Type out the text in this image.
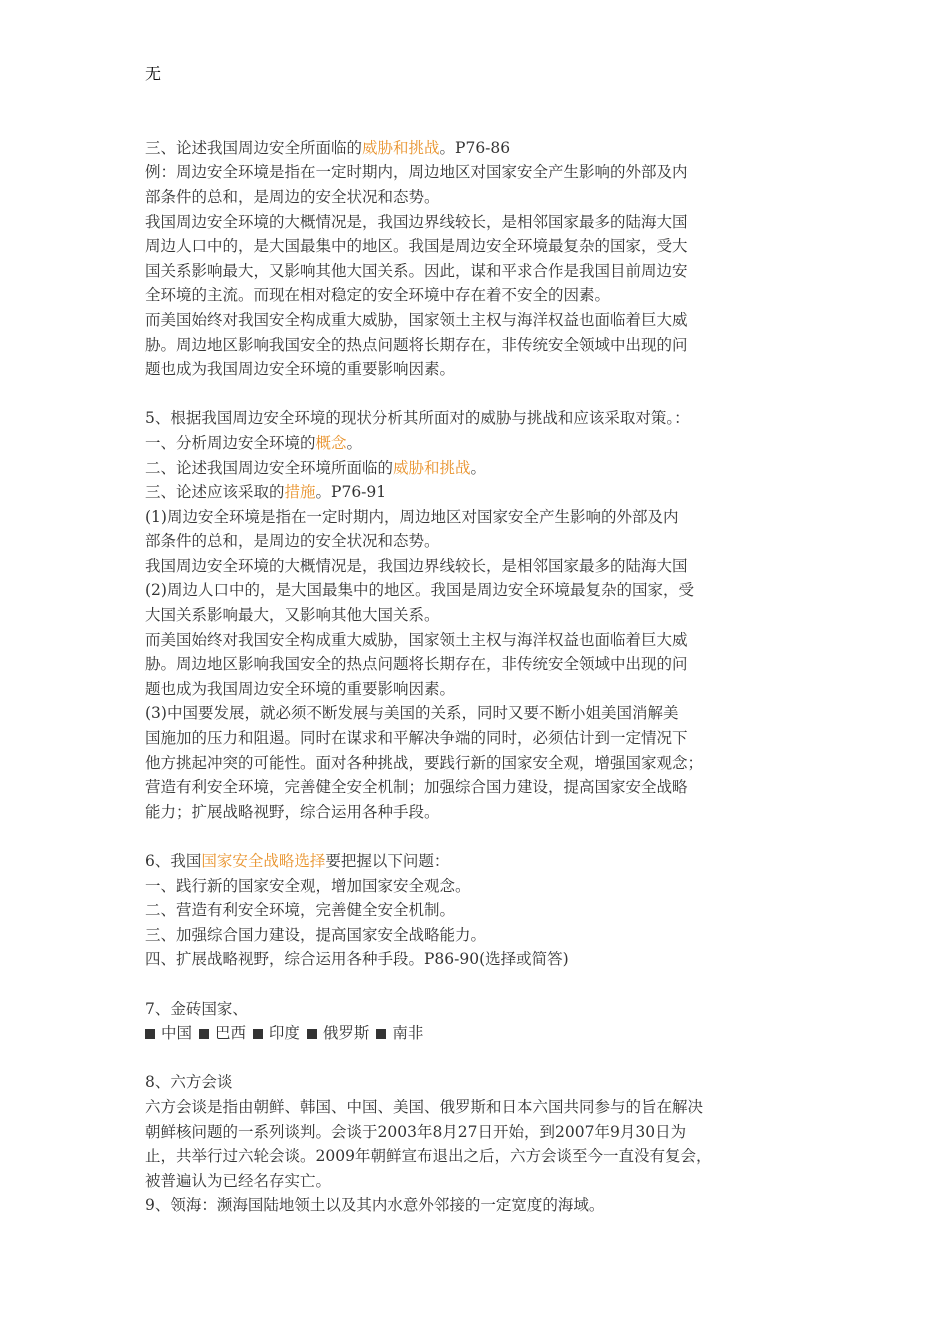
无
三、论述我国周边安全所面临的威胁和挑战。P76-86
例：周边安全环境是指在一定时期内，周边地区对国家安全产生影响的外部及内
部条件的总和，是周边的安全状况和态势。
我国周边安全环境的大概情况是，我国边界线较长，是相邻国家最多的陆海大国
周边人口中的，是大国最集中的地区。我国是周边安全环境最复杂的国家，受大
国关系影响最大，又影响其他大国关系。因此，谋和平求合作是我国目前周边安
全环境的主流。而现在相对稳定的安全环境中存在着不安全的因素。
而美国始终对我国安全构成重大威胁，国家领土主权与海洋权益也面临着巨大威
胁。周边地区影响我国安全的热点问题将长期存在，非传统安全领域中出现的问
题也成为我国周边安全环境的重要影响因素。
5、根据我国周边安全环境的现状分析其所面对的威胁与挑战和应该采取对策。：
一、分析周边安全环境的概念。
二、论述我国周边安全环境所面临的威胁和挑战。
三、论述应该采取的措施。P76-91
(1)周边安全环境是指在一定时期内，周边地区对国家安全产生影响的外部及内
部条件的总和，是周边的安全状况和态势。
我国周边安全环境的大概情况是，我国边界线较长，是相邻国家最多的陆海大国
(2)周边人口中的，是大国最集中的地区。我国是周边安全环境最复杂的国家，受
大国关系影响最大，又影响其他大国关系。
而美国始终对我国安全构成重大威胁，国家领土主权与海洋权益也面临着巨大威
胁。周边地区影响我国安全的热点问题将长期存在，非传统安全领域中出现的问
题也成为我国周边安全环境的重要影响因素。
(3)中国要发展，就必须不断发展与美国的关系，同时又要不断小姐美国消解美
国施加的压力和阻遏。同时在谋求和平解决争端的同时，必须估计到一定情况下
他方挑起冲突的可能性。面对各种挑战，要践行新的国家安全观，增强国家观念；
营造有利安全环境，完善健全安全机制；加强综合国力建设，提高国家安全战略
能力；扩展战略视野，综合运用各种手段。
6、我国国家安全战略选择要把握以下问题：
一、践行新的国家安全观，增加国家安全观念。
二、营造有利安全环境，完善健全安全机制。
三、加强综合国力建设，提高国家安全战略能力。
四、扩展战略视野，综合运用各种手段。P86-90(选择或简答)
7、金砖国家、
中国 巴西 印度 俄罗斯 南非
8、六方会谈
六方会谈是指由朝鲜、韩国、中国、美国、俄罗斯和日本六国共同参与的旨在解决
朝鲜核问题的一系列谈判。会谈于2003年8月27日开始，到2007年9月30日为
止，共举行过六轮会谈。2009年朝鲜宣布退出之后，六方会谈至今一直没有复会，
被普遍认为已经名存实亡。
9、领海：濒海国陆地领土以及其内水意外邻接的一定宽度的海域。
